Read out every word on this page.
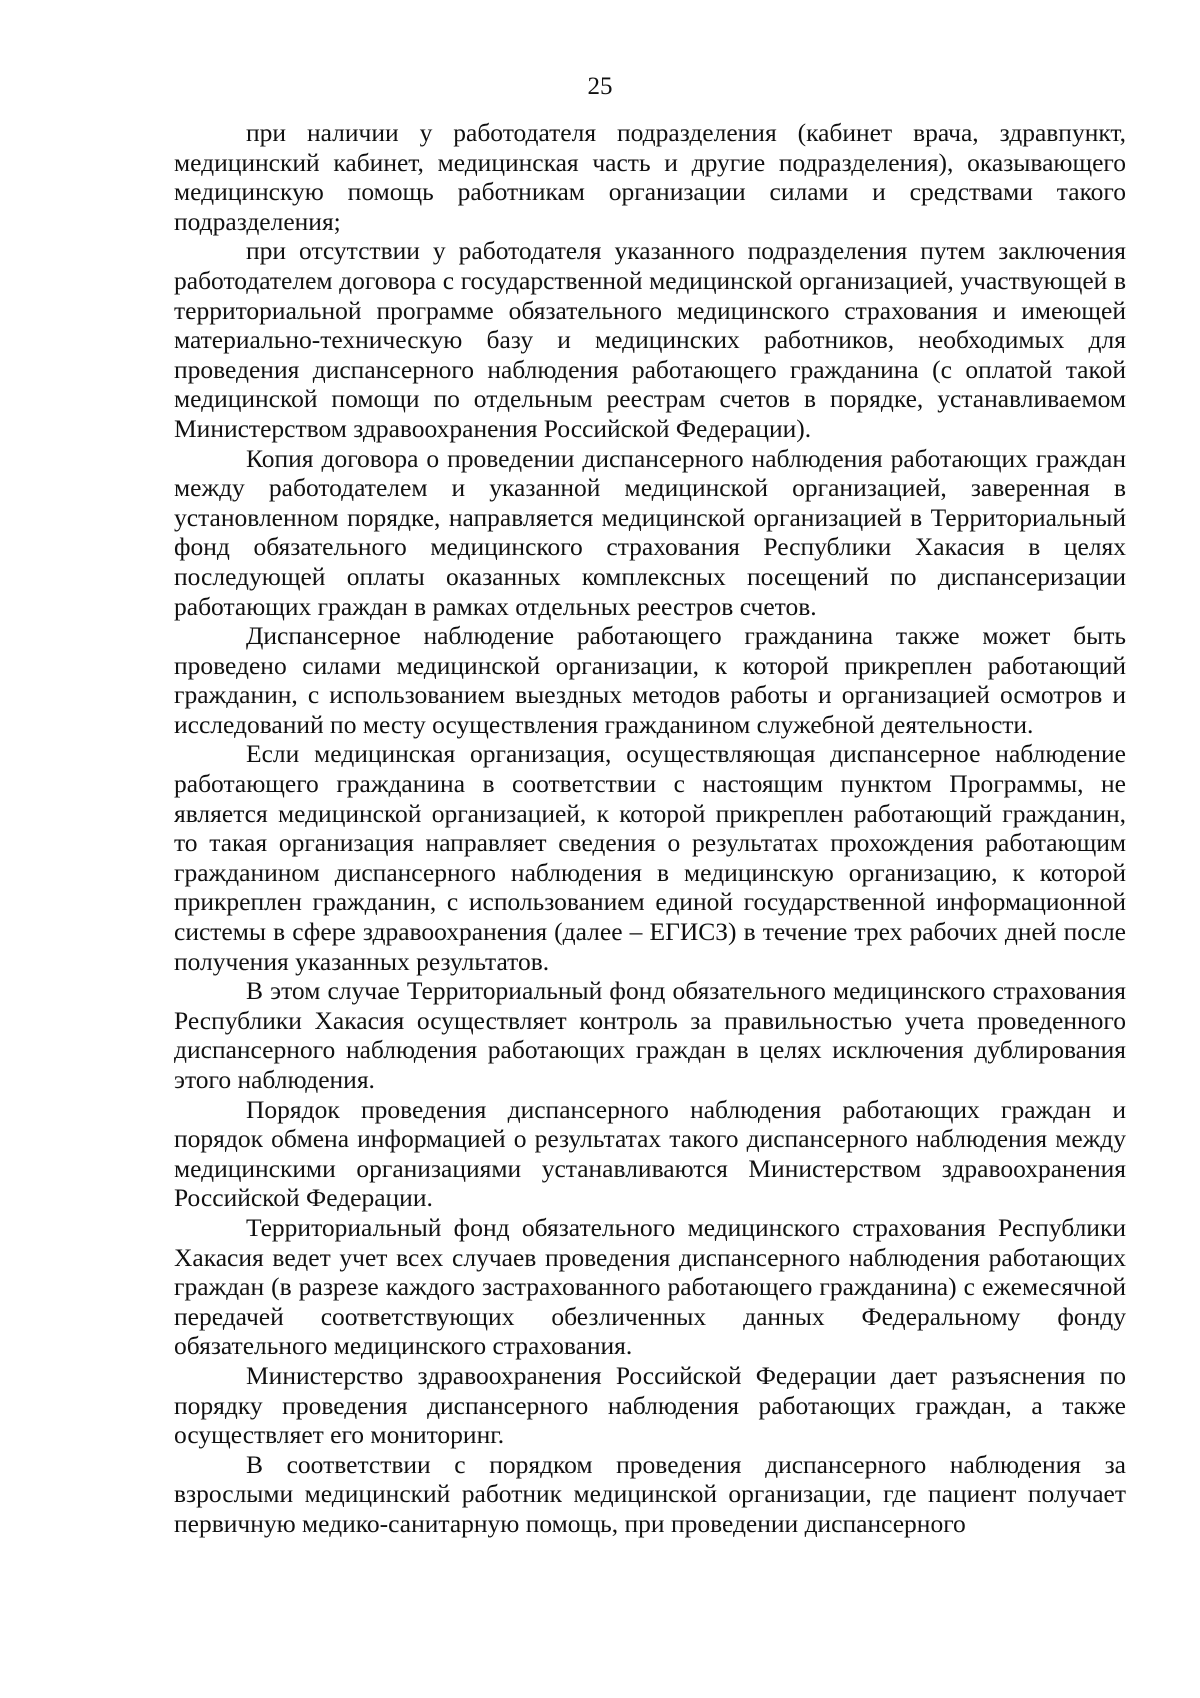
25

при наличии у работодателя подразделения (кабинет врача, здравпункт, медицинский кабинет, медицинская часть и другие подразделения), оказывающего медицинскую помощь работникам организации силами и средствами такого подразделения;

при отсутствии у работодателя указанного подразделения путем заключения работодателем договора с государственной медицинской организацией, участвующей в территориальной программе обязательного медицинского страхования и имеющей материально-техническую базу и медицинских работников, необходимых для проведения диспансерного наблюдения работающего гражданина (с оплатой такой медицинской помощи по отдельным реестрам счетов в порядке, устанавливаемом Министерством здравоохранения Российской Федерации).

Копия договора о проведении диспансерного наблюдения работающих граждан между работодателем и указанной медицинской организацией, заверенная в установленном порядке, направляется медицинской организацией в Территориальный фонд обязательного медицинского страхования Республики Хакасия в целях последующей оплаты оказанных комплексных посещений по диспансеризации работающих граждан в рамках отдельных реестров счетов.

Диспансерное наблюдение работающего гражданина также может быть проведено силами медицинской организации, к которой прикреплен работающий гражданин, с использованием выездных методов работы и организацией осмотров и исследований по месту осуществления гражданином служебной деятельности.

Если медицинская организация, осуществляющая диспансерное наблюдение работающего гражданина в соответствии с настоящим пунктом Программы, не является медицинской организацией, к которой прикреплен работающий гражданин, то такая организация направляет сведения о результатах прохождения работающим гражданином диспансерного наблюдения в медицинскую организацию, к которой прикреплен гражданин, с использованием единой государственной информационной системы в сфере здравоохранения (далее – ЕГИСЗ) в течение трех рабочих дней после получения указанных результатов.

В этом случае Территориальный фонд обязательного медицинского страхования Республики Хакасия осуществляет контроль за правильностью учета проведенного диспансерного наблюдения работающих граждан в целях исключения дублирования этого наблюдения.

Порядок проведения диспансерного наблюдения работающих граждан и порядок обмена информацией о результатах такого диспансерного наблюдения между медицинскими организациями устанавливаются Министерством здравоохранения Российской Федерации.

Территориальный фонд обязательного медицинского страхования Республики Хакасия ведет учет всех случаев проведения диспансерного наблюдения работающих граждан (в разрезе каждого застрахованного работающего гражданина) с ежемесячной передачей соответствующих обезличенных данных Федеральному фонду обязательного медицинского страхования.

Министерство здравоохранения Российской Федерации дает разъяснения по порядку проведения диспансерного наблюдения работающих граждан, а также осуществляет его мониторинг.

В соответствии с порядком проведения диспансерного наблюдения за взрослыми медицинский работник медицинской организации, где пациент получает первичную медико-санитарную помощь, при проведении диспансерного
